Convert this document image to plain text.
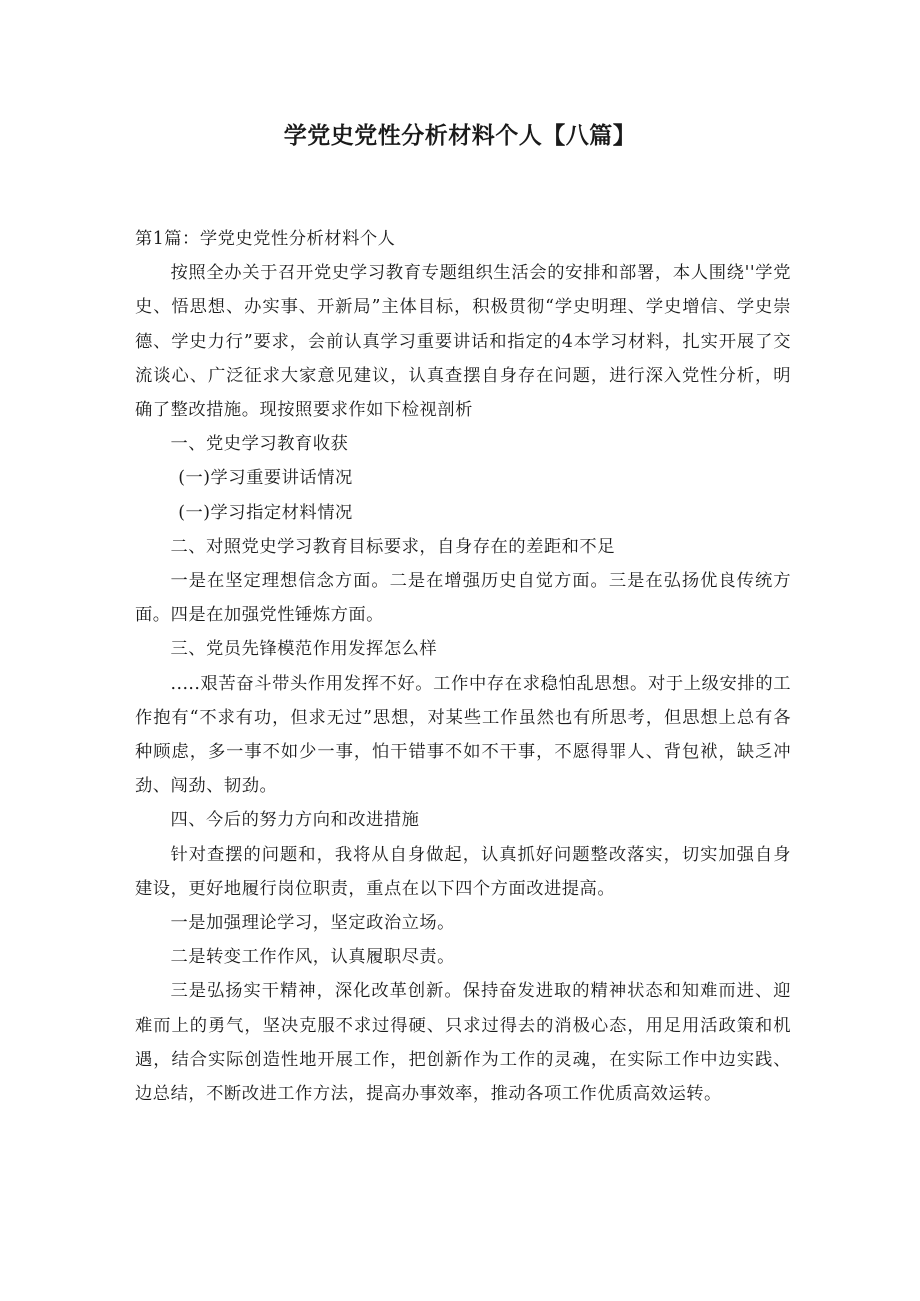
学党史党性分析材料个人【八篇】

第1篇：学党史党性分析材料个人

按照全办关于召开党史学习教育专题组织生活会的安排和部署，本人围绕''学党史、悟思想、办实事、开新局”主体目标，积极贯彻“学史明理、学史增信、学史崇德、学史力行”要求，会前认真学习重要讲话和指定的4本学习材料，扎实开展了交流谈心、广泛征求大家意见建议，认真查摆自身存在问题，进行深入党性分析，明确了整改措施。现按照要求作如下检视剖析

一、党史学习教育收获

(一)学习重要讲话情况

(一)学习指定材料情况

二、对照党史学习教育目标要求，自身存在的差距和不足

一是在坚定理想信念方面。二是在增强历史自觉方面。三是在弘扬优良传统方面。四是在加强党性锤炼方面。

三、党员先锋模范作用发挥怎么样

.....艰苦奋斗带头作用发挥不好。工作中存在求稳怕乱思想。对于上级安排的工作抱有“不求有功，但求无过”思想，对某些工作虽然也有所思考，但思想上总有各种顾虑，多一事不如少一事，怕干错事不如不干事，不愿得罪人、背包袱，缺乏冲劲、闯劲、韧劲。

四、今后的努力方向和改进措施

针对查摆的问题和，我将从自身做起，认真抓好问题整改落实，切实加强自身建设，更好地履行岗位职责，重点在以下四个方面改进提高。

一是加强理论学习，坚定政治立场。

二是转变工作作风，认真履职尽责。

三是弘扬实干精神，深化改革创新。保持奋发进取的精神状态和知难而进、迎难而上的勇气，坚决克服不求过得硬、只求过得去的消极心态，用足用活政策和机遇，结合实际创造性地开展工作，把创新作为工作的灵魂，在实际工作中边实践、边总结，不断改进工作方法，提高办事效率，推动各项工作优质高效运转。
